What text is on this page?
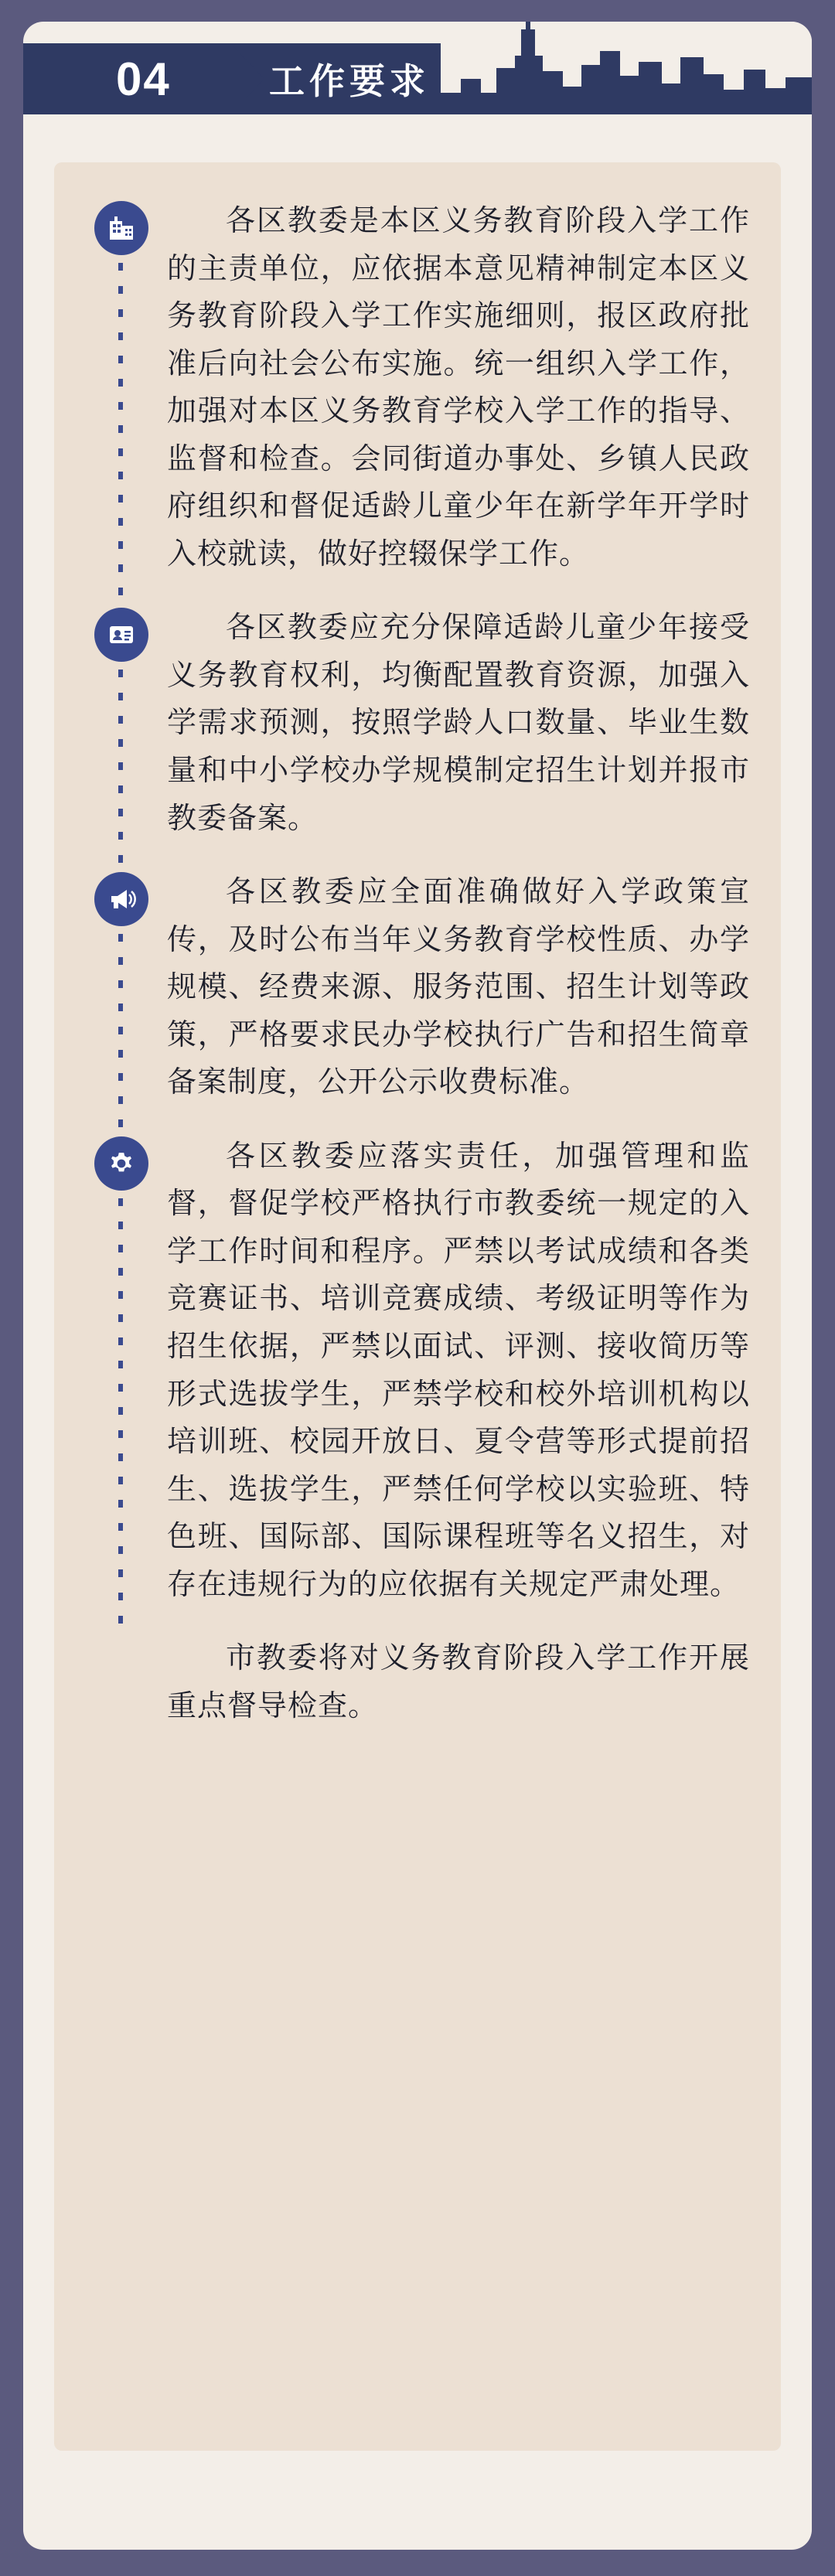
04	工作要求

各区教委是本区义务教育阶段入学工作的主责单位，应依据本意见精神制定本区义务教育阶段入学工作实施细则，报区政府批准后向社会公布实施。统一组织入学工作，加强对本区义务教育学校入学工作的指导、监督和检查。会同街道办事处、乡镇人民政府组织和督促适龄儿童少年在新学年开学时入校就读，做好控辍保学工作。

各区教委应充分保障适龄儿童少年接受义务教育权利，均衡配置教育资源，加强入学需求预测，按照学龄人口数量、毕业生数量和中小学校办学规模制定招生计划并报市教委备案。

各区教委应全面准确做好入学政策宣传，及时公布当年义务教育学校性质、办学规模、经费来源、服务范围、招生计划等政策，严格要求民办学校执行广告和招生简章备案制度，公开公示收费标准。

各区教委应落实责任，加强管理和监督，督促学校严格执行市教委统一规定的入学工作时间和程序。严禁以考试成绩和各类竞赛证书、培训竞赛成绩、考级证明等作为招生依据，严禁以面试、评测、接收简历等形式选拔学生，严禁学校和校外培训机构以培训班、校园开放日、夏令营等形式提前招生、选拔学生，严禁任何学校以实验班、特色班、国际部、国际课程班等名义招生，对存在违规行为的应依据有关规定严肃处理。

市教委将对义务教育阶段入学工作开展重点督导检查。
